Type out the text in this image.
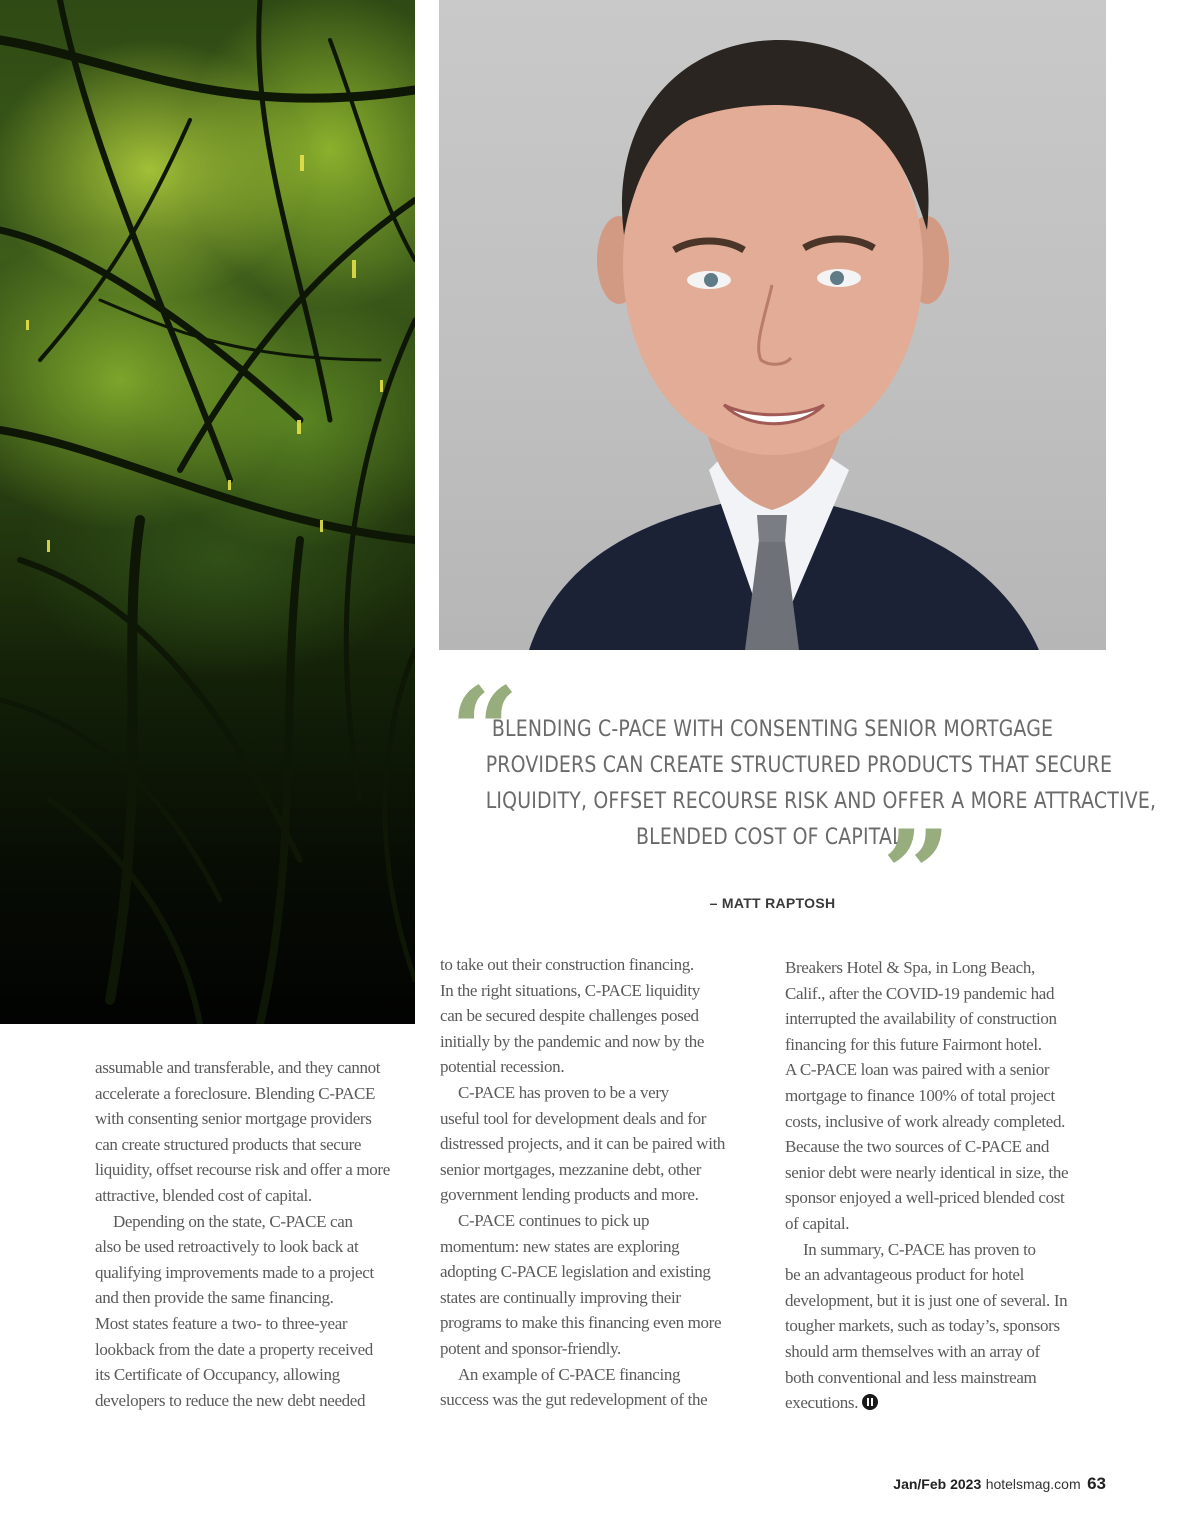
“
BLENDING C-PACE WITH CONSENTING SENIOR MORTGAGE
PROVIDERS CAN CREATE STRUCTURED PRODUCTS THAT SECURE
LIQUIDITY, OFFSET RECOURSE RISK AND OFFER A MORE ATTRACTIVE,
BLENDED COST OF CAPITAL.
”
– MATT RAPTOSH

assumable and transferable, and they cannot
accelerate a foreclosure. Blending C-PACE
with consenting senior mortgage providers
can create structured products that secure
liquidity, offset recourse risk and offer a more
attractive, blended cost of capital.

Depending on the state, C-PACE can
also be used retroactively to look back at
qualifying improvements made to a project
and then provide the same financing.
Most states feature a two- to three-year
lookback from the date a property received
its Certificate of Occupancy, allowing
developers to reduce the new debt needed

to take out their construction financing.
In the right situations, C-PACE liquidity
can be secured despite challenges posed
initially by the pandemic and now by the
potential recession.

C-PACE has proven to be a very
useful tool for development deals and for
distressed projects, and it can be paired with
senior mortgages, mezzanine debt, other
government lending products and more.

C-PACE continues to pick up
momentum: new states are exploring
adopting C-PACE legislation and existing
states are continually improving their
programs to make this financing even more
potent and sponsor-friendly.

An example of C-PACE financing
success was the gut redevelopment of the

Breakers Hotel & Spa, in Long Beach,
Calif., after the COVID-19 pandemic had
interrupted the availability of construction
financing for this future Fairmont hotel.
A C-PACE loan was paired with a senior
mortgage to finance 100% of total project
costs, inclusive of work already completed.
Because the two sources of C-PACE and
senior debt were nearly identical in size, the
sponsor enjoyed a well-priced blended cost
of capital.

In summary, C-PACE has proven to
be an advantageous product for hotel
development, but it is just one of several. In
tougher markets, such as today’s, sponsors
should arm themselves with an array of
both conventional and less mainstream
executions.

Jan/Feb 2023 hotelsmag.com 63
